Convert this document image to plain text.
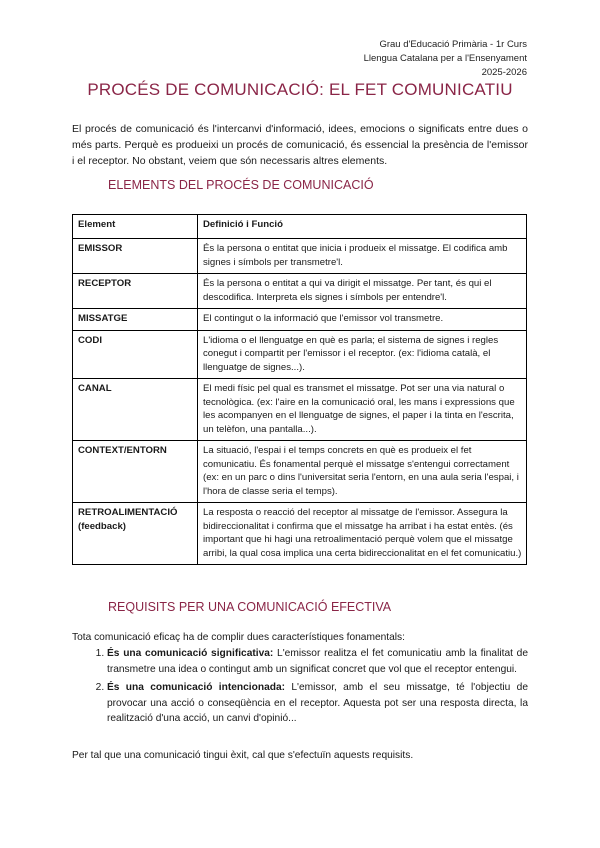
Grau d'Educació Primària - 1r Curs
Llengua Catalana per a l'Ensenyament
2025-2026
PROCÉS DE COMUNICACIÓ: EL FET COMUNICATIU

El procés de comunicació és l'intercanvi d'informació, idees, emocions o significats entre dues o més parts. Perquè es produeixi un procés de comunicació, és essencial la presència de l'emissor i el receptor. No obstant, veiem que són necessaris altres elements.

ELEMENTS DEL PROCÉS DE COMUNICACIÓ
Element	Definició i Funció

EMISSOR	És la persona o entitat que inicia i produeix el missatge. El codifica amb signes i símbols per transmetre'l.

RECEPTOR	És la persona o entitat a qui va dirigit el missatge. Per tant, és qui el descodifica. Interpreta els signes i símbols per entendre'l.

MISSATGE	El contingut o la informació que l'emissor vol transmetre.

CODI	L'idioma o el llenguatge en què es parla; el sistema de signes i regles conegut i compartit per l'emissor i el receptor. (ex: l'idioma català, el llenguatge de signes...).

CANAL	El medi físic pel qual es transmet el missatge. Pot ser una via natural o tecnològica. (ex: l'aire en la comunicació oral, les mans i expressions que les acompanyen en el llenguatge de signes, el paper i la tinta en l'escrita, un telèfon, una pantalla...).

CONTEXT/ENTORN	La situació, l'espai i el temps concrets en què es produeix el fet comunicatiu. És fonamental perquè el missatge s'entengui correctament (ex: en un parc o dins l'universitat seria l'entorn, en una aula seria l'espai, i l'hora de classe seria el temps).

RETROALIMENTACIÓ
(feedback)	La resposta o reacció del receptor al missatge de l'emissor. Assegura la bidireccionalitat i confirma que el missatge ha arribat i ha estat entès. (és important que hi hagi una retroalimentació perquè volem que el missatge arribi, la qual cosa implica una certa bidireccionalitat en el fet comunicatiu.)
REQUISITS PER UNA COMUNICACIÓ EFECTIVA

Tota comunicació eficaç ha de complir dues característiques fonamentals:

1. És una comunicació significativa: L'emissor realitza el fet comunicatiu amb la finalitat de transmetre una idea o contingut amb un significat concret que vol que el receptor entengui.
2. És una comunicació intencionada: L'emissor, amb el seu missatge, té l'objectiu de provocar una acció o conseqüència en el receptor. Aquesta pot ser una resposta directa, la realització d'una acció, un canvi d'opinió...

Per tal que una comunicació tingui èxit, cal que s'efectuïn aquests requisits.
